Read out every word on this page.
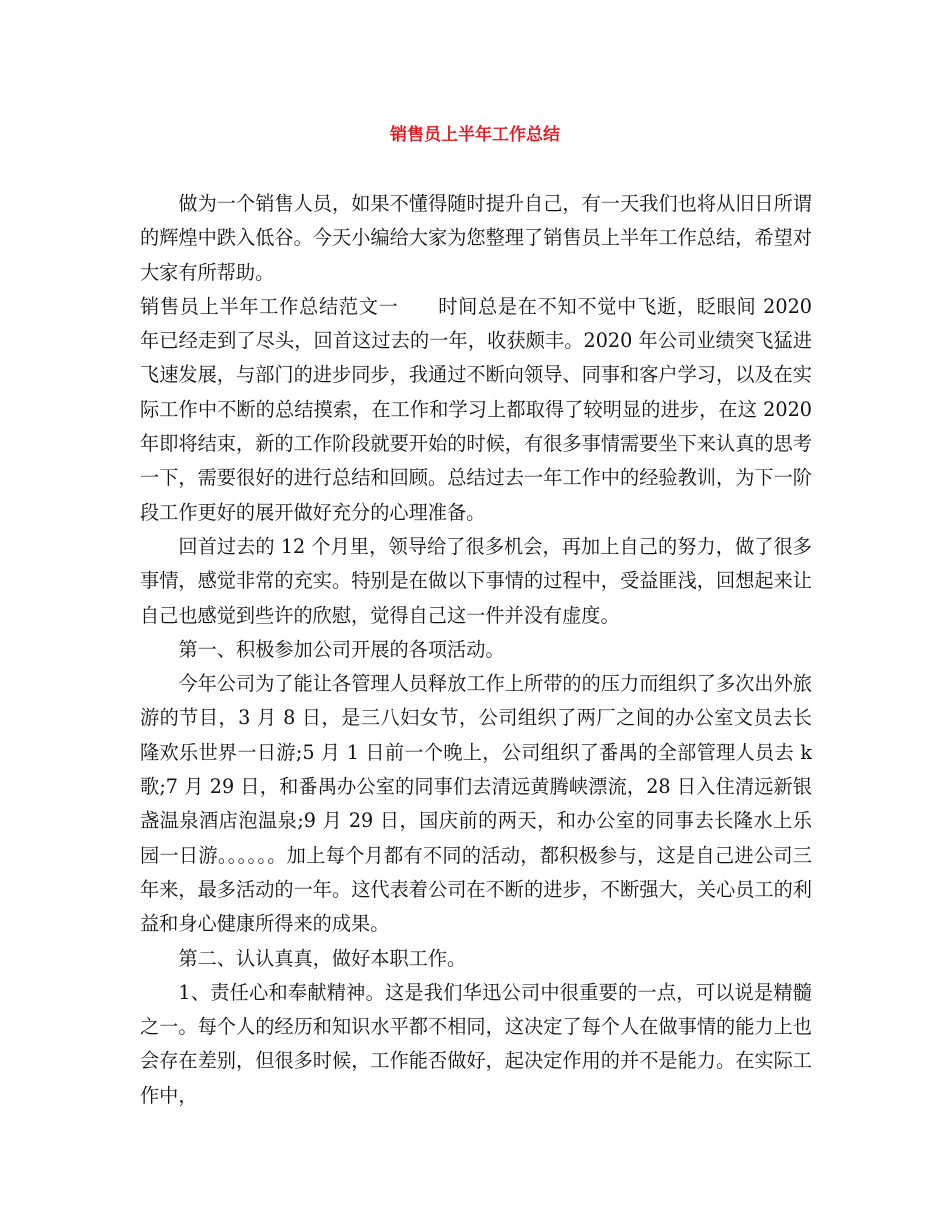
销售员上半年工作总结

做为一个销售人员，如果不懂得随时提升自己，有一天我们也将从旧日所谓的辉煌中跌入低谷。今天小编给大家为您整理了销售员上半年工作总结，希望对大家有所帮助。

销售员上半年工作总结范文一　　时间总是在不知不觉中飞逝，眨眼间 2020 年已经走到了尽头，回首这过去的一年，收获颇丰。2020 年公司业绩突飞猛进飞速发展，与部门的进步同步，我通过不断向领导、同事和客户学习，以及在实际工作中不断的总结摸索，在工作和学习上都取得了较明显的进步，在这 2020 年即将结束，新的工作阶段就要开始的时候，有很多事情需要坐下来认真的思考一下，需要很好的进行总结和回顾。总结过去一年工作中的经验教训，为下一阶段工作更好的展开做好充分的心理准备。

回首过去的 12 个月里，领导给了很多机会，再加上自己的努力，做了很多事情，感觉非常的充实。特别是在做以下事情的过程中，受益匪浅，回想起来让自己也感觉到些许的欣慰，觉得自己这一件并没有虚度。

第一、积极参加公司开展的各项活动。

今年公司为了能让各管理人员释放工作上所带的的压力而组织了多次出外旅游的节目，3 月 8 日，是三八妇女节，公司组织了两厂之间的办公室文员去长隆欢乐世界一日游;5 月 1 日前一个晚上，公司组织了番禺的全部管理人员去 k 歌;7 月 29 日，和番禺办公室的同事们去清远黄腾峡漂流，28 日入住清远新银盏温泉酒店泡温泉;9 月 29 日，国庆前的两天，和办公室的同事去长隆水上乐园一日游。。。。。。加上每个月都有不同的活动，都积极参与，这是自己进公司三年来，最多活动的一年。这代表着公司在不断的进步，不断强大，关心员工的利益和身心健康所得来的成果。

第二、认认真真，做好本职工作。

1、责任心和奉献精神。这是我们华迅公司中很重要的一点，可以说是精髓之一。每个人的经历和知识水平都不相同，这决定了每个人在做事情的能力上也会存在差别，但很多时候，工作能否做好，起决定作用的并不是能力。在实际工作中，
